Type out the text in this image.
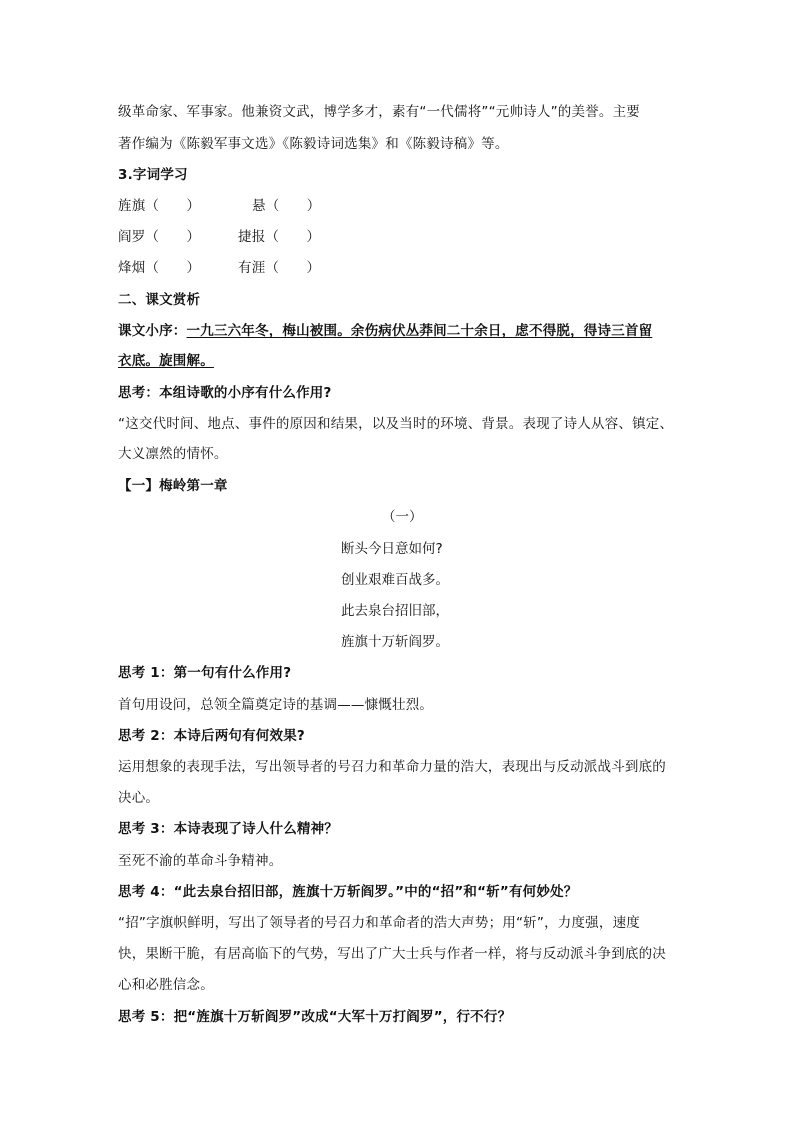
级革命家、军事家。他兼资文武，博学多才，素有“一代儒将”“元帅诗人”的美誉。主要
著作编为《陈毅军事文选》《陈毅诗词选集》和《陈毅诗稿》等。
3.字词学习
旌旗（　　）	悬（　　）
阎罗（　　）	捷报（　　）
烽烟（　　）	有涯（　　）
二、课文赏析
课文小序：一九三六年冬，梅山被围。余伤病伏丛莽间二十余日，虑不得脱，得诗三首留
衣底。旋围解。
思考：本组诗歌的小序有什么作用?
“这交代时间、地点、事件的原因和结果，以及当时的环境、背景。表现了诗人从容、镇定、
大义凛然的情怀。
【一】梅岭第一章
（一）
断头今日意如何?
创业艰难百战多。
此去泉台招旧部，
旌旗十万斩阎罗。
思考 1：第一句有什么作用?
首句用设问，总领全篇奠定诗的基调——慷慨壮烈。
思考 2：本诗后两句有何效果?
运用想象的表现手法，写出领导者的号召力和革命力量的浩大，表现出与反动派战斗到底的
决心。
思考 3：本诗表现了诗人什么精神？
至死不渝的革命斗争精神。
思考 4：“此去泉台招旧部，旌旗十万斩阎罗。”中的“招”和“斩”有何妙处？
“招”字旗帜鲜明，写出了领导者的号召力和革命者的浩大声势；用“斩”，力度强，速度
快，果断干脆，有居高临下的气势，写出了广大士兵与作者一样，将与反动派斗争到底的决
心和必胜信念。
思考 5：把“旌旗十万斩阎罗”改成“大军十万打阎罗”，行不行？
